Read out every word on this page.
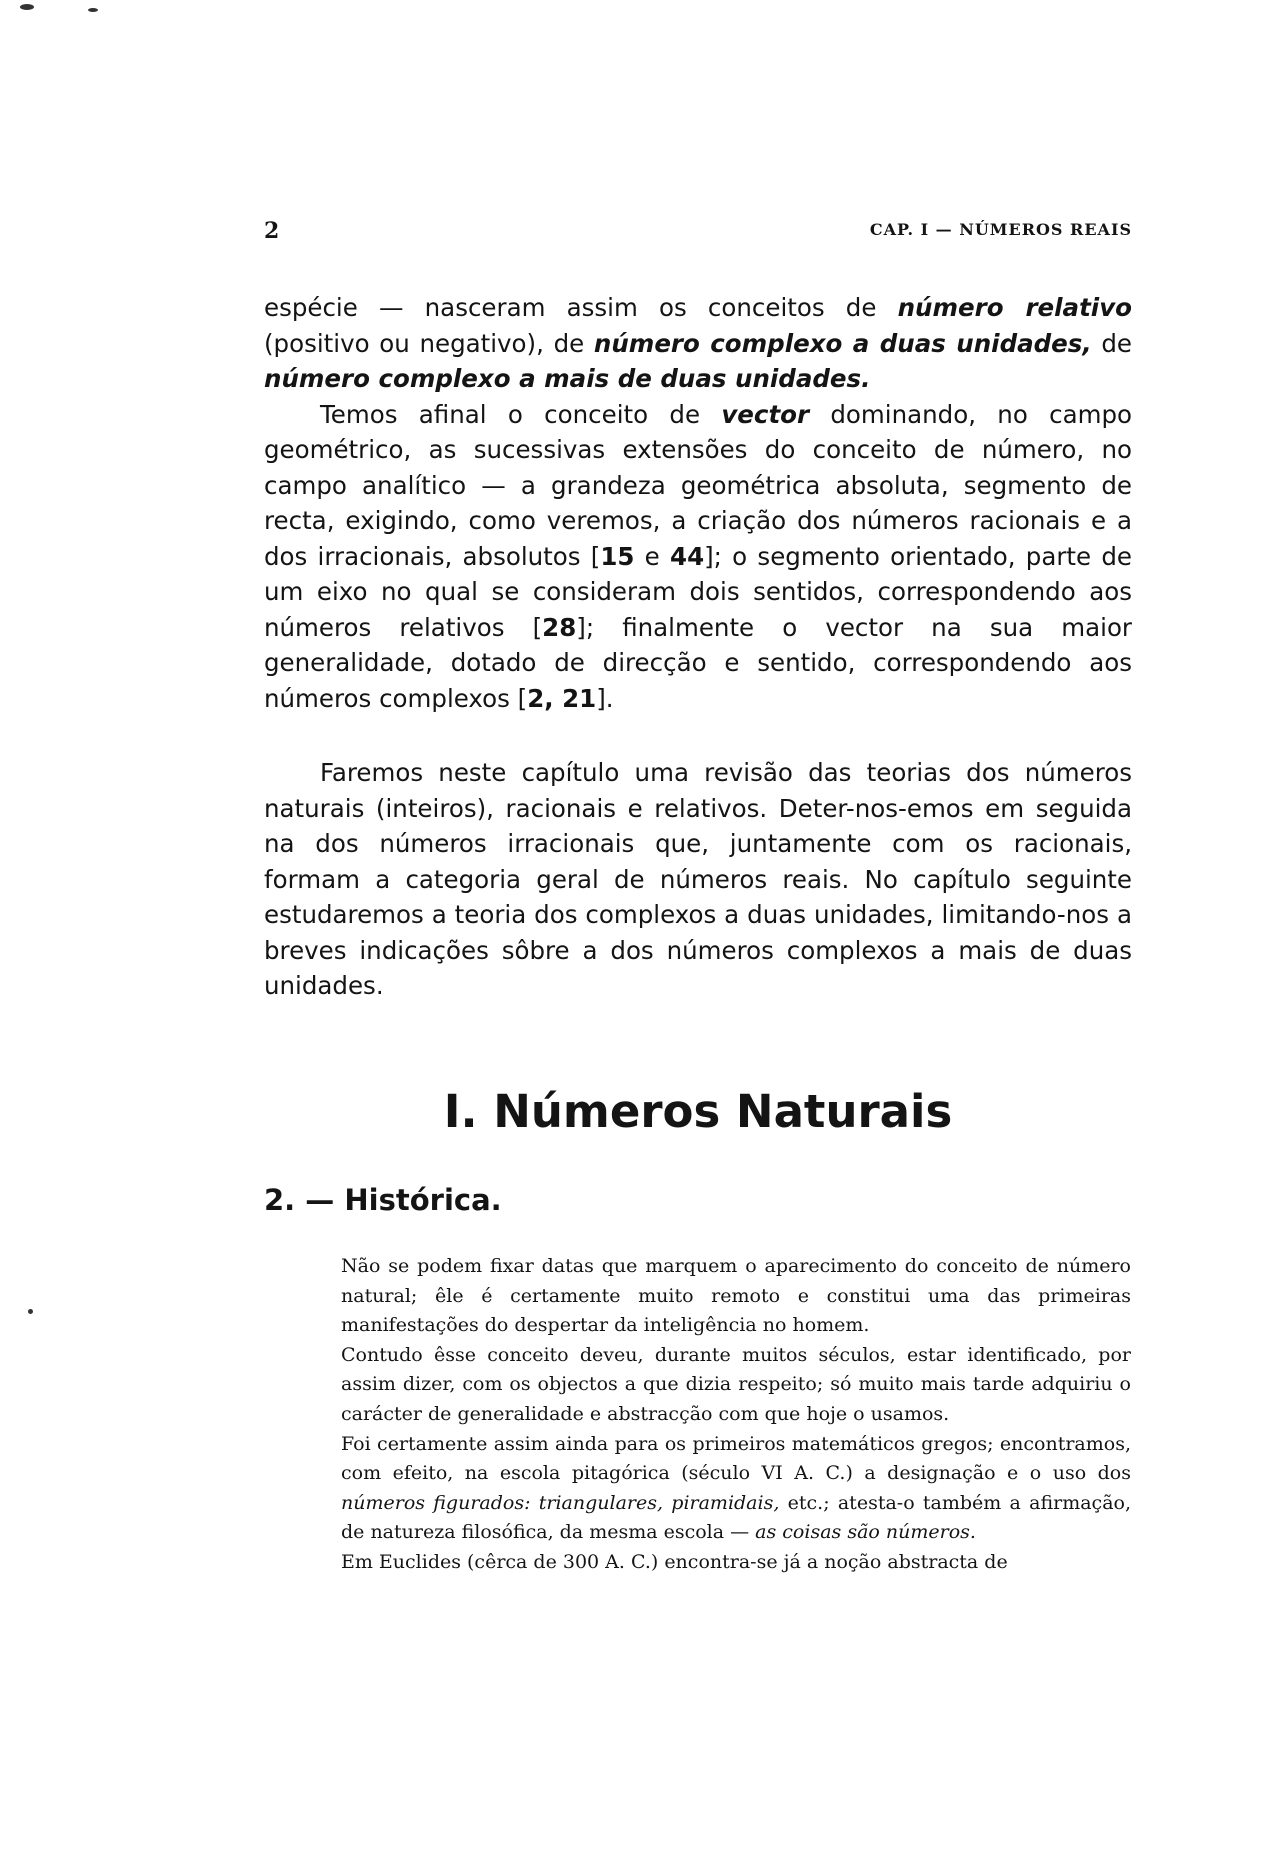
2	CAP. I — NÚMEROS REAIS

espécie — nasceram assim os conceitos de número relativo (positivo ou negativo), de número complexo a duas unidades, de número complexo a mais de duas unidades.

Temos afinal o conceito de vector dominando, no campo geométrico, as sucessivas extensões do conceito de número, no campo analítico — a grandeza geométrica absoluta, segmento de recta, exigindo, como veremos, a criação dos números racionais e a dos irracionais, absolutos [15 e 44]; o segmento orientado, parte de um eixo no qual se consideram dois sentidos, correspondendo aos números relativos [28]; finalmente o vector na sua maior generalidade, dotado de direcção e sentido, correspondendo aos números complexos [2, 21].

Faremos neste capítulo uma revisão das teorias dos números naturais (inteiros), racionais e relativos. Deter-nos-emos em seguida na dos números irracionais que, juntamente com os racionais, formam a categoria geral de números reais. No capítulo seguinte estudaremos a teoria dos complexos a duas unidades, limitando-nos a breves indicações sôbre a dos números complexos a mais de duas unidades.

I. Números Naturais
2. — Histórica.

Não se podem fixar datas que marquem o aparecimento do conceito de número natural; êle é certamente muito remoto e constitui uma das primeiras manifestações do despertar da inteligência no homem.

Contudo êsse conceito deveu, durante muitos séculos, estar identificado, por assim dizer, com os objectos a que dizia respeito; só muito mais tarde adquiriu o carácter de generalidade e abstracção com que hoje o usamos.

Foi certamente assim ainda para os primeiros matemáticos gregos; encontramos, com efeito, na escola pitagórica (século VI A. C.) a designação e o uso dos números figurados: triangulares, piramidais, etc.; atesta-o também a afirmação, de natureza filosófica, da mesma escola — as coisas são números.

Em Euclides (cêrca de 300 A. C.) encontra-se já a noção abstracta de
